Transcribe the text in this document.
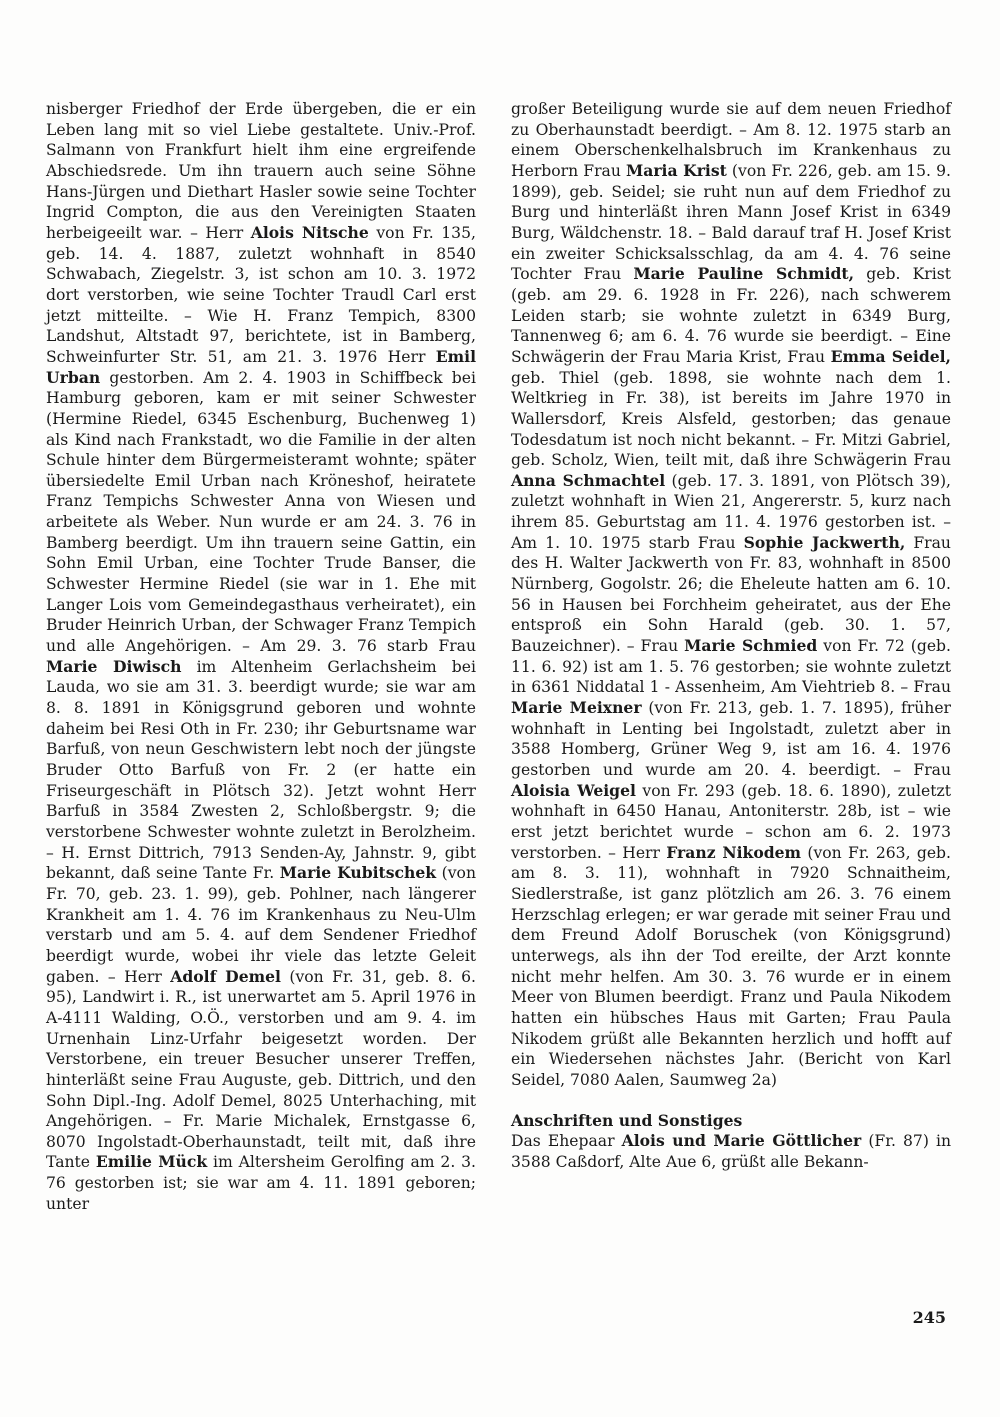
nisberger Friedhof der Erde übergeben, die er ein Leben lang mit so viel Liebe gestaltete. Univ.-Prof. Salmann von Frankfurt hielt ihm eine ergreifende Abschiedsrede. Um ihn trauern auch seine Söhne Hans-Jürgen und Diethart Hasler sowie seine Tochter Ingrid Compton, die aus den Vereinigten Staaten herbeigeeilt war. – Herr Alois Nitsche von Fr. 135, geb. 14. 4. 1887, zuletzt wohnhaft in 8540 Schwabach, Ziegelstr. 3, ist schon am 10. 3. 1972 dort verstorben, wie seine Tochter Traudl Carl erst jetzt mitteilte. – Wie H. Franz Tempich, 8300 Landshut, Altstadt 97, berichtete, ist in Bamberg, Schweinfurter Str. 51, am 21. 3. 1976 Herr Emil Urban gestorben. Am 2. 4. 1903 in Schiffbeck bei Hamburg geboren, kam er mit seiner Schwester (Hermine Riedel, 6345 Eschenburg, Buchenweg 1) als Kind nach Frankstadt, wo die Familie in der alten Schule hinter dem Bürgermeisteramt wohnte; später übersiedelte Emil Urban nach Kröneshof, heiratete Franz Tempichs Schwester Anna von Wiesen und arbeitete als Weber. Nun wurde er am 24. 3. 76 in Bamberg beerdigt. Um ihn trauern seine Gattin, ein Sohn Emil Urban, eine Tochter Trude Banser, die Schwester Hermine Riedel (sie war in 1. Ehe mit Langer Lois vom Gemeindegasthaus verheiratet), ein Bruder Heinrich Urban, der Schwager Franz Tempich und alle Angehörigen. – Am 29. 3. 76 starb Frau Marie Diwisch im Altenheim Gerlachsheim bei Lauda, wo sie am 31. 3. beerdigt wurde; sie war am 8. 8. 1891 in Königsgrund geboren und wohnte daheim bei Resi Oth in Fr. 230; ihr Geburtsname war Barfuß, von neun Geschwistern lebt noch der jüngste Bruder Otto Barfuß von Fr. 2 (er hatte ein Friseurgeschäft in Plötsch 32). Jetzt wohnt Herr Barfuß in 3584 Zwesten 2, Schloßbergstr. 9; die verstorbene Schwester wohnte zuletzt in Berolzheim. – H. Ernst Dittrich, 7913 Senden-Ay, Jahnstr. 9, gibt bekannt, daß seine Tante Fr. Marie Kubitschek (von Fr. 70, geb. 23. 1. 99), geb. Pohlner, nach längerer Krankheit am 1. 4. 76 im Krankenhaus zu Neu-Ulm verstarb und am 5. 4. auf dem Sendener Friedhof beerdigt wurde, wobei ihr viele das letzte Geleit gaben. – Herr Adolf Demel (von Fr. 31, geb. 8. 6. 95), Landwirt i. R., ist unerwartet am 5. April 1976 in A-4111 Walding, O.Ö., verstorben und am 9. 4. im Urnenhain Linz-Urfahr beigesetzt worden. Der Verstorbene, ein treuer Besucher unserer Treffen, hinterläßt seine Frau Auguste, geb. Dittrich, und den Sohn Dipl.-Ing. Adolf Demel, 8025 Unterhaching, mit Angehörigen. – Fr. Marie Michalek, Ernstgasse 6, 8070 Ingolstadt-Oberhaunstadt, teilt mit, daß ihre Tante Emilie Mück im Altersheim Gerolfing am 2. 3. 76 gestorben ist; sie war am 4. 11. 1891 geboren; unter

großer Beteiligung wurde sie auf dem neuen Friedhof zu Oberhaunstadt beerdigt. – Am 8. 12. 1975 starb an einem Oberschenkelhalsbruch im Krankenhaus zu Herborn Frau Maria Krist (von Fr. 226, geb. am 15. 9. 1899), geb. Seidel; sie ruht nun auf dem Friedhof zu Burg und hinterläßt ihren Mann Josef Krist in 6349 Burg, Wäldchenstr. 18. – Bald darauf traf H. Josef Krist ein zweiter Schicksalsschlag, da am 4. 4. 76 seine Tochter Frau Marie Pauline Schmidt, geb. Krist (geb. am 29. 6. 1928 in Fr. 226), nach schwerem Leiden starb; sie wohnte zuletzt in 6349 Burg, Tannenweg 6; am 6. 4. 76 wurde sie beerdigt. – Eine Schwägerin der Frau Maria Krist, Frau Emma Seidel, geb. Thiel (geb. 1898, sie wohnte nach dem 1. Weltkrieg in Fr. 38), ist bereits im Jahre 1970 in Wallersdorf, Kreis Alsfeld, gestorben; das genaue Todesdatum ist noch nicht bekannt. – Fr. Mitzi Gabriel, geb. Scholz, Wien, teilt mit, daß ihre Schwägerin Frau Anna Schmachtel (geb. 17. 3. 1891, von Plötsch 39), zuletzt wohnhaft in Wien 21, Angererstr. 5, kurz nach ihrem 85. Geburtstag am 11. 4. 1976 gestorben ist. – Am 1. 10. 1975 starb Frau Sophie Jackwerth, Frau des H. Walter Jackwerth von Fr. 83, wohnhaft in 8500 Nürnberg, Gogolstr. 26; die Eheleute hatten am 6. 10. 56 in Hausen bei Forchheim geheiratet, aus der Ehe entsproß ein Sohn Harald (geb. 30. 1. 57, Bauzeichner). – Frau Marie Schmied von Fr. 72 (geb. 11. 6. 92) ist am 1. 5. 76 gestorben; sie wohnte zuletzt in 6361 Niddatal 1 - Assenheim, Am Viehtrieb 8. – Frau Marie Meixner (von Fr. 213, geb. 1. 7. 1895), früher wohnhaft in Lenting bei Ingolstadt, zuletzt aber in 3588 Homberg, Grüner Weg 9, ist am 16. 4. 1976 gestorben und wurde am 20. 4. beerdigt. – Frau Aloisia Weigel von Fr. 293 (geb. 18. 6. 1890), zuletzt wohnhaft in 6450 Hanau, Antoniterstr. 28b, ist – wie erst jetzt berichtet wurde – schon am 6. 2. 1973 verstorben. – Herr Franz Nikodem (von Fr. 263, geb. am 8. 3. 11), wohnhaft in 7920 Schnaitheim, Siedlerstraße, ist ganz plötzlich am 26. 3. 76 einem Herzschlag erlegen; er war gerade mit seiner Frau und dem Freund Adolf Boruschek (von Königsgrund) unterwegs, als ihn der Tod ereilte, der Arzt konnte nicht mehr helfen. Am 30. 3. 76 wurde er in einem Meer von Blumen beerdigt. Franz und Paula Nikodem hatten ein hübsches Haus mit Garten; Frau Paula Nikodem grüßt alle Bekannten herzlich und hofft auf ein Wiedersehen nächstes Jahr. (Bericht von Karl Seidel, 7080 Aalen, Saumweg 2a)

Anschriften und Sonstiges

Das Ehepaar Alois und Marie Göttlicher (Fr. 87) in 3588 Caßdorf, Alte Aue 6, grüßt alle Bekann-

245
